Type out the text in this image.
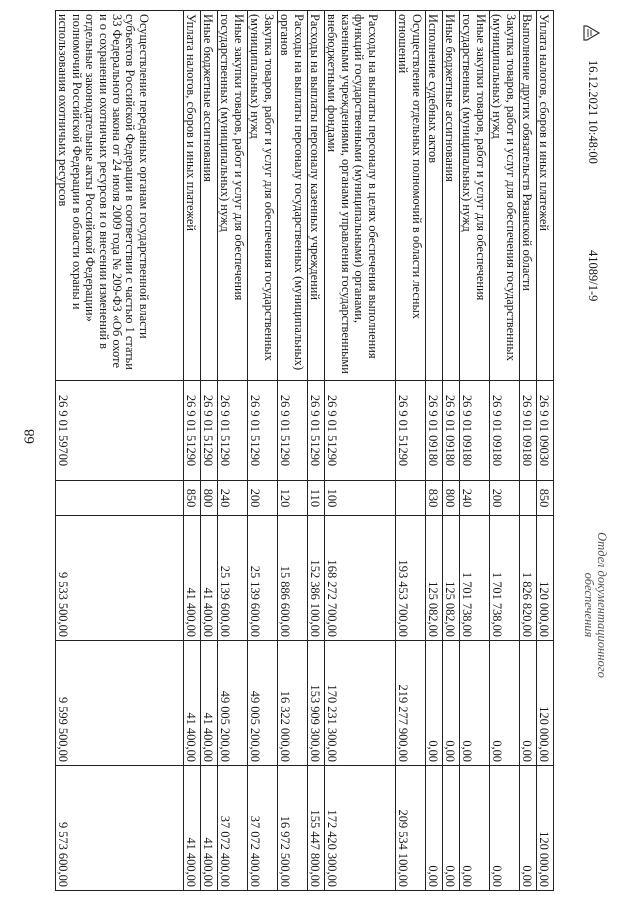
68
Уплата налогов, сборов и иных платежей	26 9 01 09030	850	120 000,00	120 000,00	120 000,00
Выполнение других обязательств Рязанской области	26 9 01 09180		1 826 820,00	0,00	0,00
Закупка товаров, работ и услуг для обеспечения государственных (муниципальных) нужд	26 9 01 09180	200	1 701 738,00	0,00	0,00
Иные закупки товаров, работ и услуг для обеспечения государственных (муниципальных) нужд	26 9 01 09180	240	1 701 738,00	0,00	0,00
Иные бюджетные ассигнования	26 9 01 09180	800	125 082,00	0,00	0,00
Исполнение судебных актов	26 9 01 09180	830	125 082,00	0,00	0,00
Осуществление отдельных полномочий в области лесных отношений	26 9 01 51290		193 453 700,00	219 277 900,00	209 534 100,00
Расходы на выплаты персоналу в целях обеспечения выполнения функций государственными (муниципальными) органами, казенными учреждениями, органами управления государственными внебюджетными фондами	26 9 01 51290	100	168 272 700,00	170 231 300,00	172 420 300,00
Расходы на выплаты персоналу казенных учреждений	26 9 01 51290	110	152 386 100,00	153 909 300,00	155 447 800,00
Расходы на выплаты персоналу государственных (муниципальных) органов	26 9 01 51290	120	15 886 600,00	16 322 000,00	16 972 500,00
Закупка товаров, работ и услуг для обеспечения государственных (муниципальных) нужд	26 9 01 51290	200	25 139 600,00	49 005 200,00	37 072 400,00
Иные закупки товаров, работ и услуг для обеспечения государственных (муниципальных) нужд	26 9 01 51290	240	25 139 600,00	49 005 200,00	37 072 400,00
Иные бюджетные ассигнования	26 9 01 51290	800	41 400,00	41 400,00	41 400,00
Уплата налогов, сборов и иных платежей	26 9 01 51290	850	41 400,00	41 400,00	41 400,00
Осуществление переданных органам государственной власти субъектов Российской Федерации в соответствии с частью 1 статьи 33 Федерального закона от 24 июля 2009 года № 209-ФЗ «Об охоте и о сохранении охотничьих ресурсов и о внесении изменений в отдельные законодательные акты Российской Федерации» полномочий Российской Федерации в области охраны и использования охотничьих ресурсов	26 9 01 59700		9 533 500,00	9 599 500,00	9 573 600,00
16.12.2021 10:48:00
41089/1-9
Отдел документационного обеспечения
